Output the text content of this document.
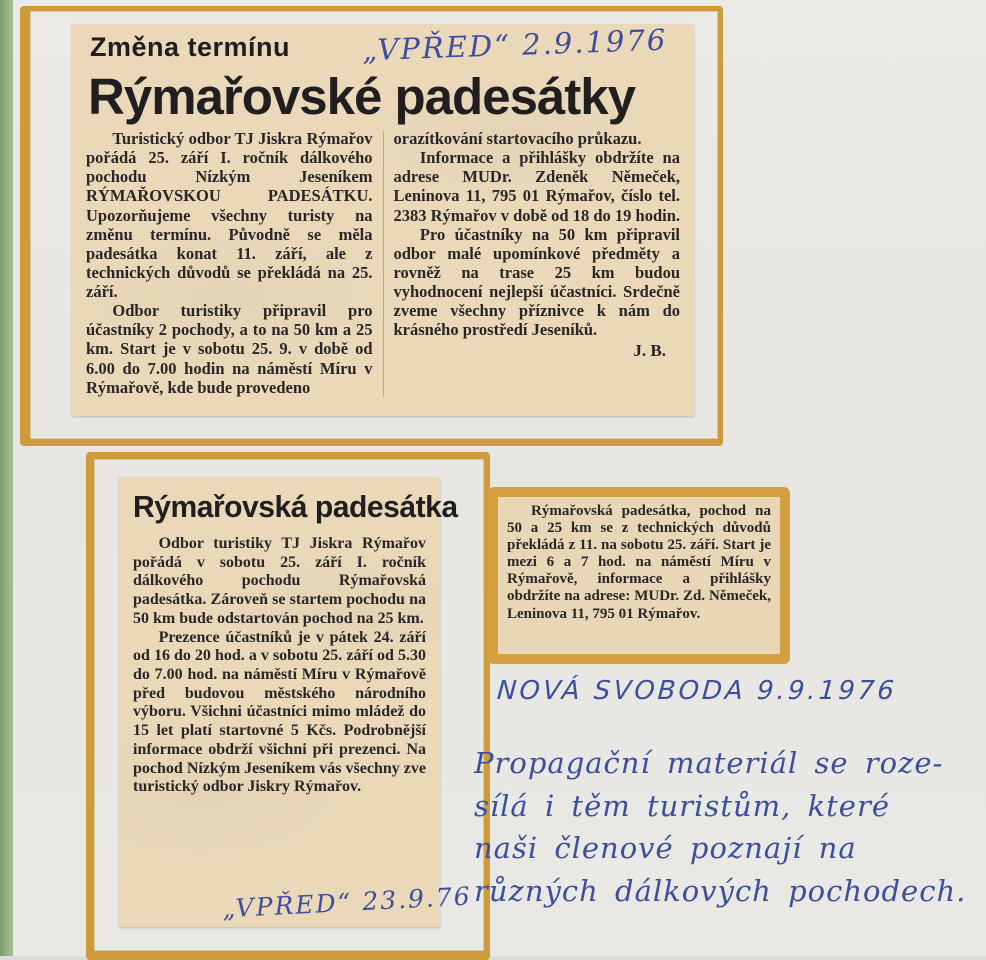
Změna termínu
Rýmařovské padesátky

Turistický odbor TJ Jiskra Rýmařov pořádá 25. září I. ročník dálkového pochodu Nízkým Jeseníkem RÝMAŘOVSKOU PADESÁTKU. Upozorňujeme všechny turisty na změnu termínu. Původně se měla padesátka konat 11. září, ale z technických důvodů se překládá na 25. září.

Odbor turistiky připravil pro účastníky 2 pochody, a to na 50 km a 25 km. Start je v sobotu 25. 9. v době od 6.00 do 7.00 hodin na náměstí Míru v Rýmařově, kde bude provedeno

orazítkování startovacího průkazu.

Informace a přihlášky obdržíte na adrese MUDr. Zdeněk Němeček, Leninova 11, 795 01 Rýmařov, číslo tel. 2383 Rýmařov v době od 18 do 19 hodin.

Pro účastníky na 50 km připravil odbor malé upomínkové předměty a rovněž na trase 25 km budou vyhodnocení nejlepší účastníci. Srdečně zveme všechny příznivce k nám do krásného prostředí Jeseníků.

J. B.
Rýmařovská padesátka

Odbor turistiky TJ Jiskra Rýmařov pořádá v sobotu 25. září I. ročník dálkového pochodu Rýmařovská padesátka. Zároveň se startem pochodu na 50 km bude odstartován pochod na 25 km.

Prezence účastníků je v pátek 24. září od 16 do 20 hod. a v sobotu 25. září od 5.30 do 7.00 hod. na náměstí Míru v Rýmařově před budovou městského národního výboru. Všichni účastníci mimo mládež do 15 let platí startovné 5 Kčs. Podrobnější informace obdrží všichni při prezenci. Na pochod Nízkým Jeseníkem vás všechny zve turistický odbor Jiskry Rýmařov.

Rýmařovská padesátka, pochod na 50 a 25 km se z technických důvodů překládá z 11. na sobotu 25. září. Start je mezi 6 a 7 hod. na náměstí Míru v Rýmařově, informace a přihlášky obdržíte na adrese: MUDr. Zd. Němeček, Leninova 11, 795 01 Rýmařov.

„VPŘED“ 2.9.1976
„VPŘED“ 23.9.76
NOVÁ SVOBODA 9.9.1976
Propagační materiál se roze-
sílá i těm turistům, které
naši členové poznají na
různých dálkových pochodech.
